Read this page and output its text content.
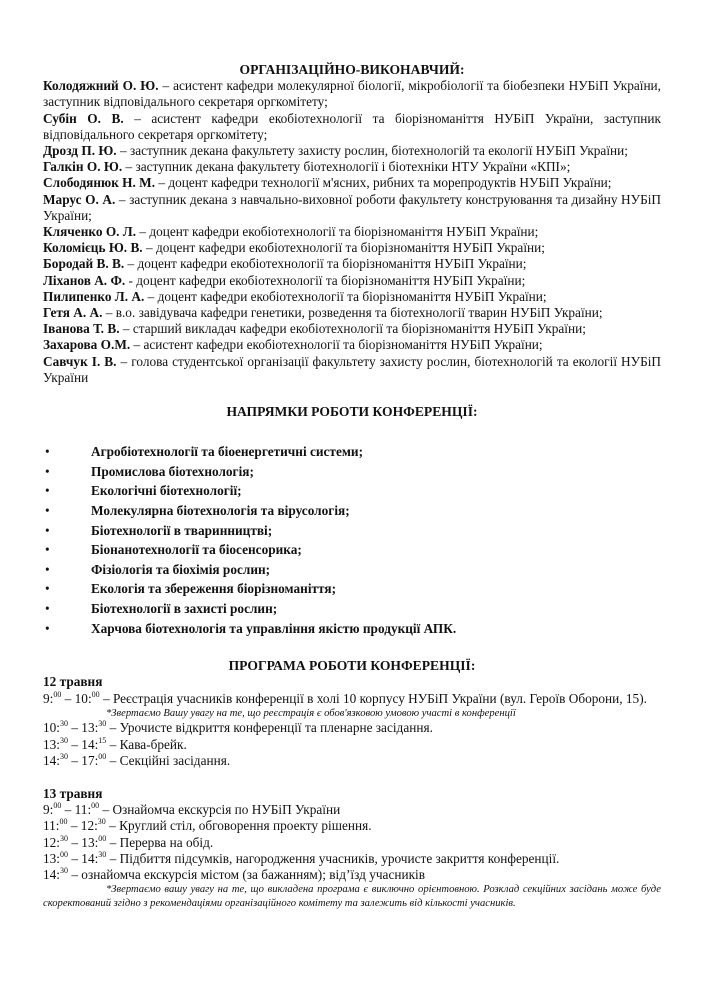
ОРГАНІЗАЦІЙНО-ВИКОНАВЧИЙ:

Колодяжний О. Ю. – асистент кафедри молекулярної біології, мікробіології та біобезпеки НУБіП України, заступник відповідального секретаря оргкомітету;

Субін О. В. – асистент кафедри екобіотехнології та біорізноманіття НУБіП України, заступник відповідального секретаря оргкомітету;

Дрозд П. Ю. – заступник декана факультету захисту рослин, біотехнологій та екології НУБіП України;

Галкін О. Ю. – заступник декана факультету біотехнології і біотехніки НТУ України «КПІ»;

Слободянюк Н. М. – доцент кафедри технології м'ясних, рибних та морепродуктів НУБіП України;

Марус О. А. – заступник декана з навчально-виховної роботи факультету конструювання та дизайну НУБіП України;

Кляченко О. Л. – доцент кафедри екобіотехнології та біорізноманіття НУБіП України;

Коломієць Ю. В. – доцент кафедри екобіотехнології та біорізноманіття НУБіП України;

Бородай В. В. – доцент кафедри екобіотехнології та біорізноманіття НУБіП України;

Ліханов А. Ф. - доцент кафедри екобіотехнології та біорізноманіття НУБіП України;

Пилипенко Л. А. – доцент кафедри екобіотехнології та біорізноманіття НУБіП України;

Гетя А. А. – в.о. завідувача кафедри генетики, розведення та біотехнології тварин НУБіП України;

Іванова Т. В. – старший викладач кафедри екобіотехнології та біорізноманіття НУБіП України;

Захарова О.М. – асистент кафедри екобіотехнології та біорізноманіття НУБіП України;

Савчук І. В. – голова студентської організації факультету захисту рослин, біотехнологій та екології НУБіП України

НАПРЯМКИ РОБОТИ КОНФЕРЕНЦІЇ:

•	Агробіотехнології та біоенергетичні системи;
•	Промислова біотехнологія;
•	Екологічні біотехнології;
•	Молекулярна біотехнологія та вірусологія;
•	Біотехнології в тваринництві;
•	Біонанотехнології та біосенсорика;
•	Фізіологія та біохімія рослин;
•	Екологія та збереження біорізноманіття;
•	Біотехнології в захисті рослин;
•	Харчова біотехнологія та управління якістю продукції АПК.

ПРОГРАМА РОБОТИ КОНФЕРЕНЦІЇ:

12 травня

9:$^{00}$ – 10:$^{00}$ – Реєстрація учасників конференції в холі 10 корпусу НУБіП України (вул. Героїв Оборони, 15).

*Звертаємо Вашу увагу на те, що реєстрація є обов'язковою умовою участі в конференції

10:$^{30}$ – 13:$^{30}$ – Урочисте відкриття конференції та пленарне засідання.

13:$^{30}$ – 14:$^{15}$ – Кава-брейк.

14:$^{30}$ – 17:$^{00}$ – Секційні засідання.

13 травня

9:$^{00}$ – 11:$^{00}$ – Ознайомча екскурсія по НУБіП України

11:$^{00}$ – 12:$^{30}$ – Круглий стіл, обговорення проекту рішення.

12:$^{30}$ – 13:$^{00}$ – Перерва на обід.

13:$^{00}$ – 14:$^{30}$ – Підбиття підсумків, нагородження учасників, урочисте закриття конференції.

14:$^{30}$ – ознайомча екскурсія містом (за бажанням); від’їзд учасників

*Звертаємо вашу увагу на те, що викладена програма є виключно орієнтовною. Розклад секційних засідань може буде скоректований згідно з рекомендаціями організаційного комітету та залежить від кількості учасників.
